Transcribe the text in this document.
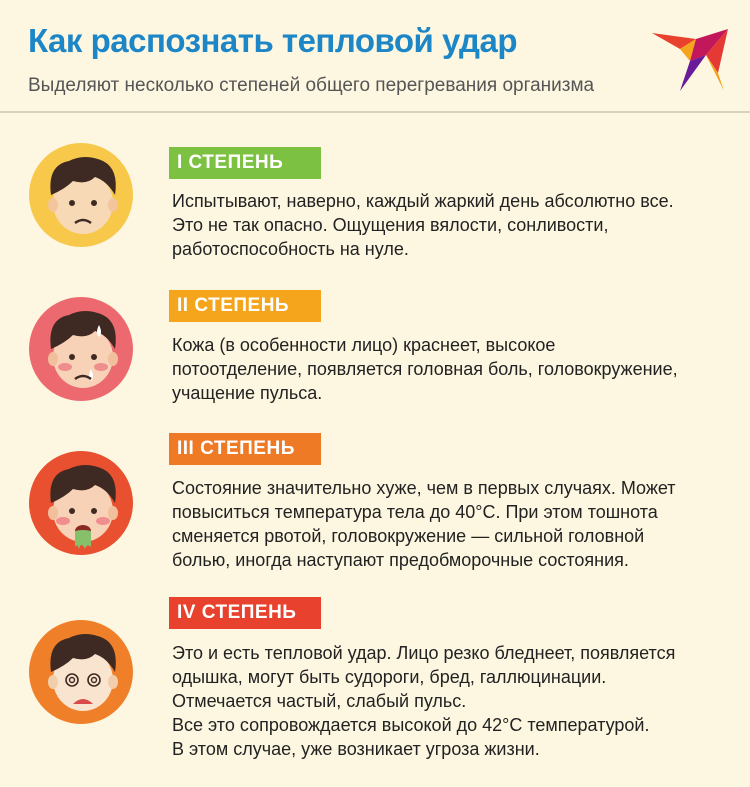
Как распознать тепловой удар
Выделяют несколько степеней общего перегревания организма
I СТЕПЕНЬ
Испытывают, наверно, каждый жаркий день абсолютно все.
Это не так опасно. Ощущения вялости, сонливости,
работоспособность на нуле.
II СТЕПЕНЬ
Кожа (в особенности лицо) краснеет, высокое
потоотделение, появляется головная боль, головокружение,
учащение пульса.
III СТЕПЕНЬ
Состояние значительно хуже, чем в первых случаях. Может
повыситься температура тела до 40°С. При этом тошнота
сменяется рвотой, головокружение — сильной головной
болью, иногда наступают предобморочные состояния.
IV СТЕПЕНЬ
Это и есть тепловой удар. Лицо резко бледнеет, появляется
одышка, могут быть судороги, бред, галлюцинации.
Отмечается частый, слабый пульс.
Все это сопровождается высокой до 42°С температурой.
В этом случае, уже возникает угроза жизни.
